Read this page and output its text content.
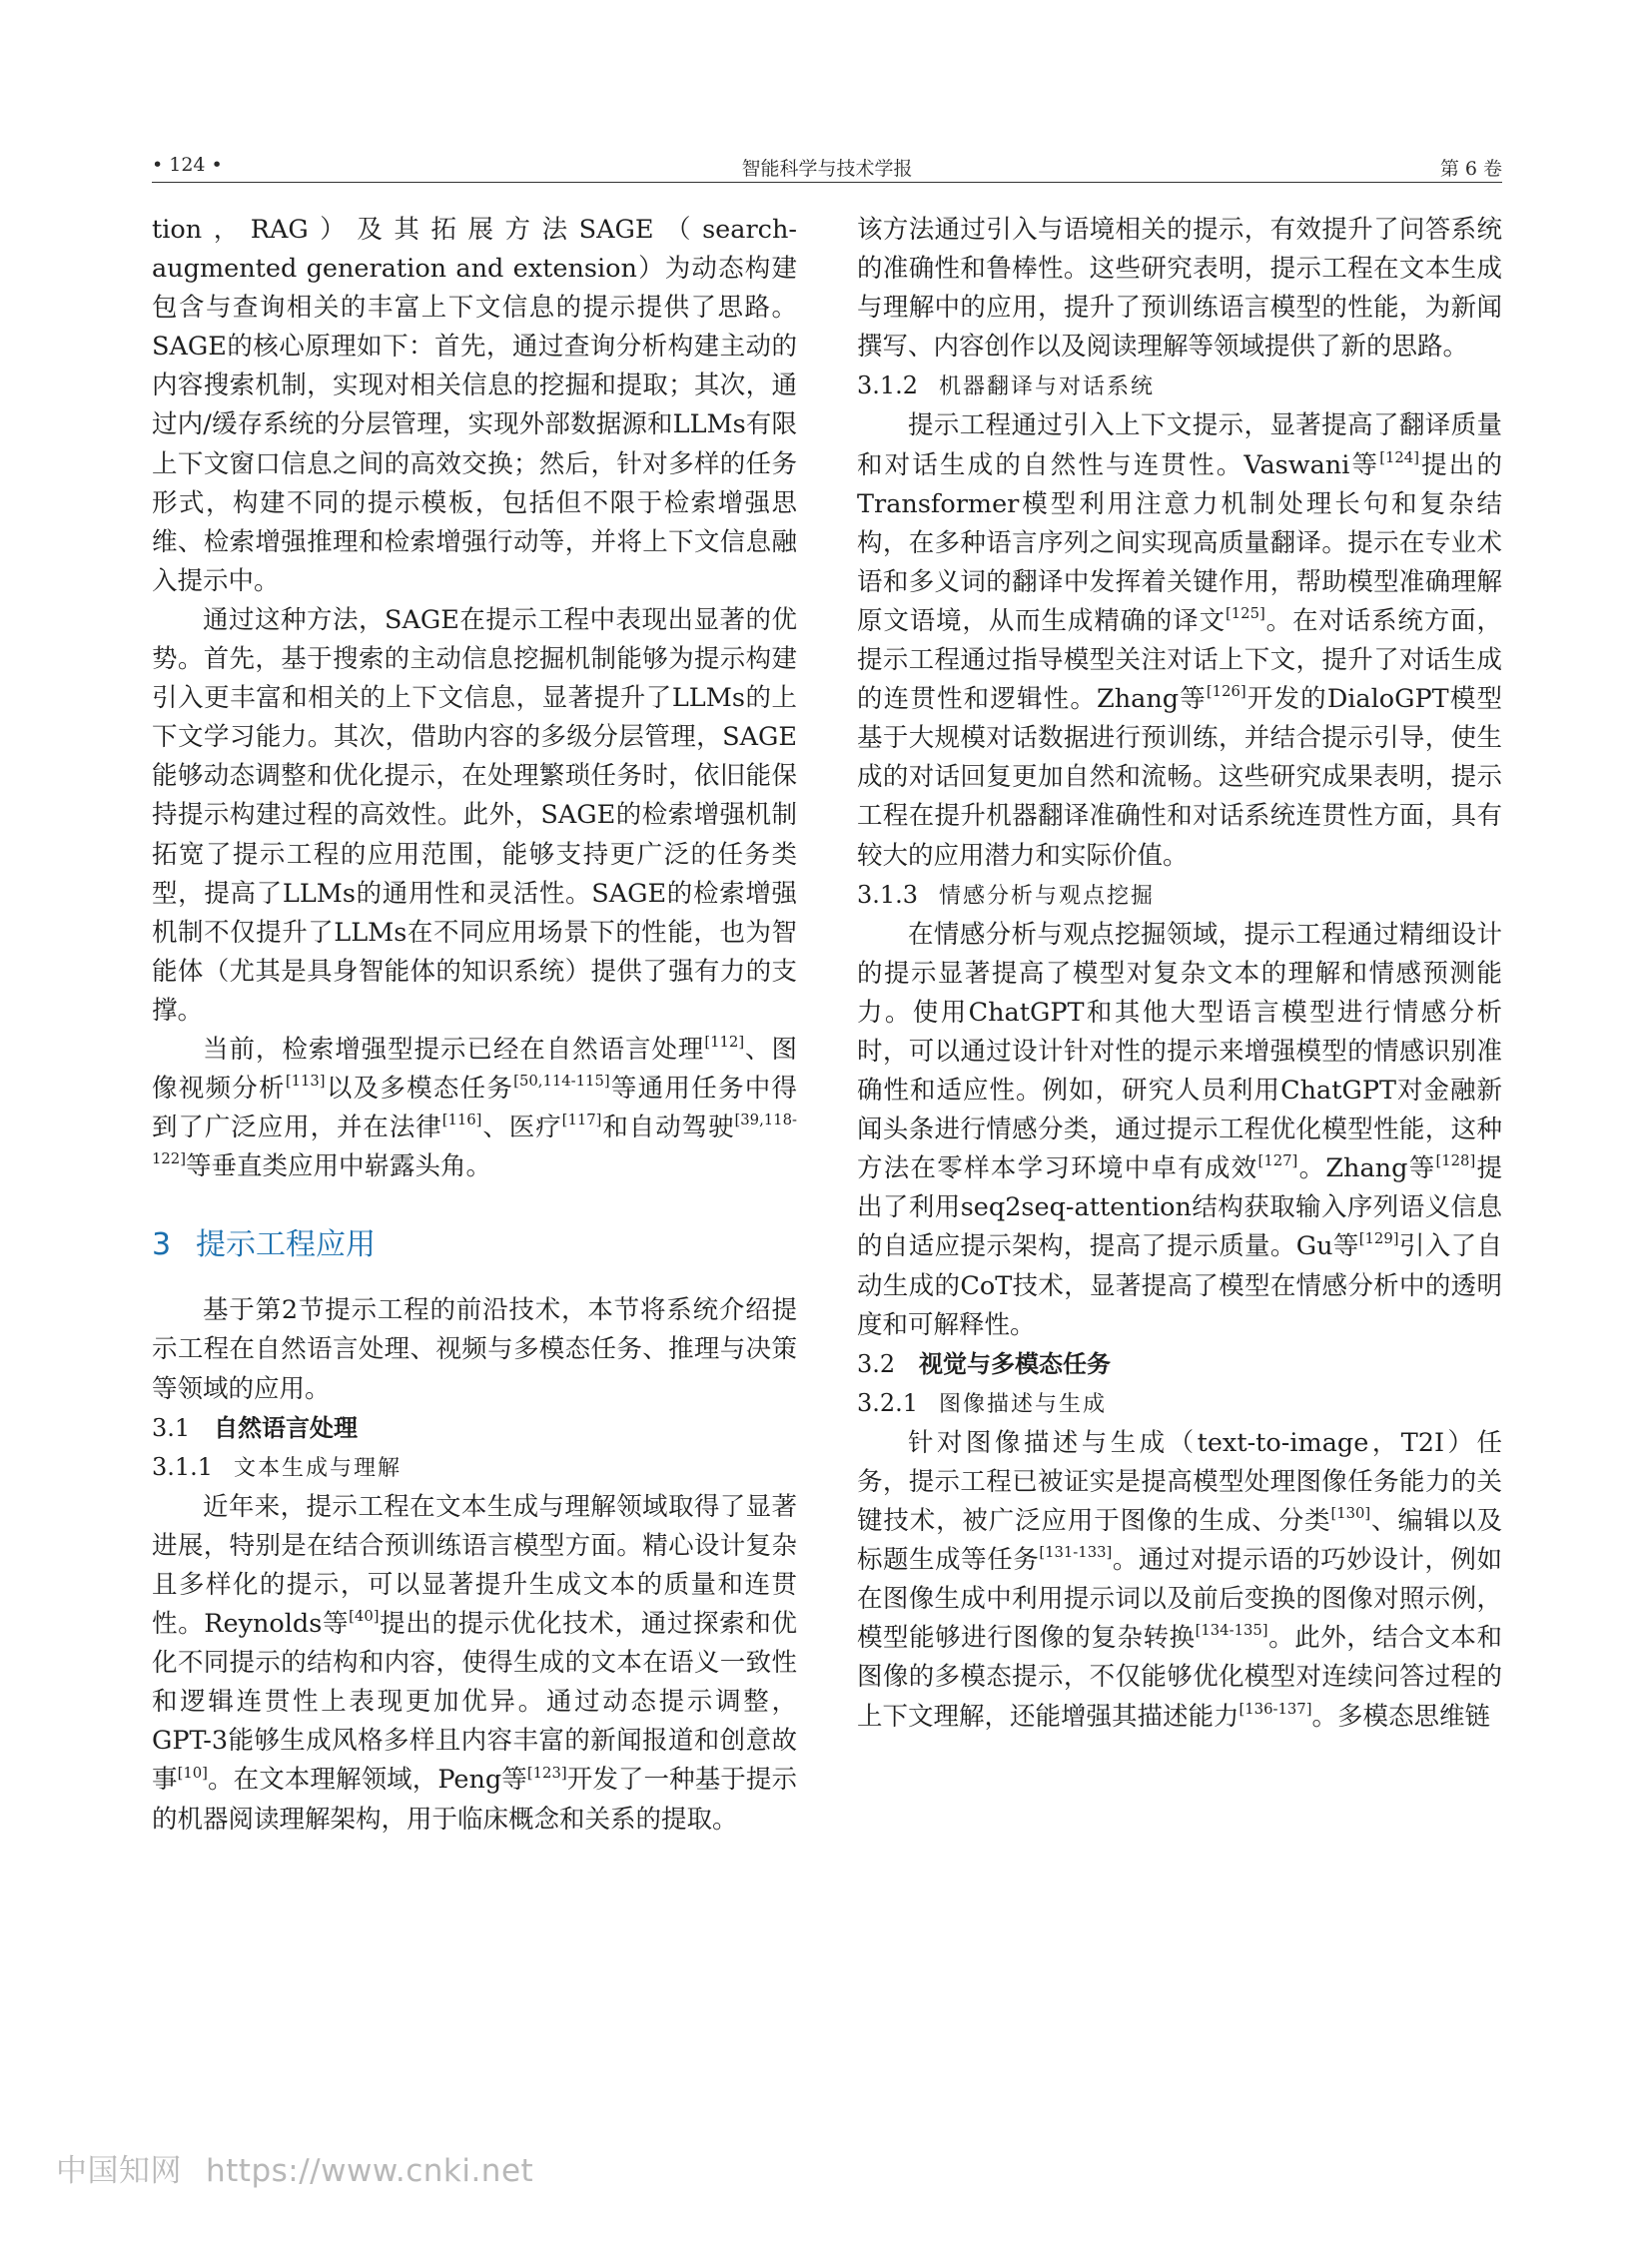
• 124 •	智能科学与技术学报	第 6 卷

tion，RAG）及其拓展方法SAGE（search-augmented generation and extension）为动态构建包含与查询相关的丰富上下文信息的提示提供了思路。SAGE的核心原理如下：首先，通过查询分析构建主动的内容搜索机制，实现对相关信息的挖掘和提取；其次，通过内/缓存系统的分层管理，实现外部数据源和LLMs有限上下文窗口信息之间的高效交换；然后，针对多样的任务形式，构建不同的提示模板，包括但不限于检索增强思维、检索增强推理和检索增强行动等，并将上下文信息融入提示中。

通过这种方法，SAGE在提示工程中表现出显著的优势。首先，基于搜索的主动信息挖掘机制能够为提示构建引入更丰富和相关的上下文信息，显著提升了LLMs的上下文学习能力。其次，借助内容的多级分层管理，SAGE能够动态调整和优化提示，在处理繁琐任务时，依旧能保持提示构建过程的高效性。此外，SAGE的检索增强机制拓宽了提示工程的应用范围，能够支持更广泛的任务类型，提高了LLMs的通用性和灵活性。SAGE的检索增强机制不仅提升了LLMs在不同应用场景下的性能，也为智能体（尤其是具身智能体的知识系统）提供了强有力的支撑。

当前，检索增强型提示已经在自然语言处理[112]、图像视频分析[113]以及多模态任务[50,114-115]等通用任务中得到了广泛应用，并在法律[116]、医疗[117]和自动驾驶[39,118-122]等垂直类应用中崭露头角。

3 提示工程应用

基于第2节提示工程的前沿技术，本节将系统介绍提示工程在自然语言处理、视频与多模态任务、推理与决策等领域的应用。

3.1 自然语言处理
3.1.1 文本生成与理解

近年来，提示工程在文本生成与理解领域取得了显著进展，特别是在结合预训练语言模型方面。精心设计复杂且多样化的提示，可以显著提升生成文本的质量和连贯性。Reynolds等[40]提出的提示优化技术，通过探索和优化不同提示的结构和内容，使得生成的文本在语义一致性和逻辑连贯性上表现更加优异。通过动态提示调整，GPT-3能够生成风格多样且内容丰富的新闻报道和创意故事[10]。在文本理解领域，Peng等[123]开发了一种基于提示的机器阅读理解架构，用于临床概念和关系的提取。

该方法通过引入与语境相关的提示，有效提升了问答系统的准确性和鲁棒性。这些研究表明，提示工程在文本生成与理解中的应用，提升了预训练语言模型的性能，为新闻撰写、内容创作以及阅读理解等领域提供了新的思路。

3.1.2 机器翻译与对话系统

提示工程通过引入上下文提示，显著提高了翻译质量和对话生成的自然性与连贯性。Vaswani等[124]提出的Transformer模型利用注意力机制处理长句和复杂结构，在多种语言序列之间实现高质量翻译。提示在专业术语和多义词的翻译中发挥着关键作用，帮助模型准确理解原文语境，从而生成精确的译文[125]。在对话系统方面，提示工程通过指导模型关注对话上下文，提升了对话生成的连贯性和逻辑性。Zhang等[126]开发的DialoGPT模型基于大规模对话数据进行预训练，并结合提示引导，使生成的对话回复更加自然和流畅。这些研究成果表明，提示工程在提升机器翻译准确性和对话系统连贯性方面，具有较大的应用潜力和实际价值。

3.1.3 情感分析与观点挖掘

在情感分析与观点挖掘领域，提示工程通过精细设计的提示显著提高了模型对复杂文本的理解和情感预测能力。使用ChatGPT和其他大型语言模型进行情感分析时，可以通过设计针对性的提示来增强模型的情感识别准确性和适应性。例如，研究人员利用ChatGPT对金融新闻头条进行情感分类，通过提示工程优化模型性能，这种方法在零样本学习环境中卓有成效[127]。Zhang等[128]提出了利用seq2seq-attention结构获取输入序列语义信息的自适应提示架构，提高了提示质量。Gu等[129]引入了自动生成的CoT技术，显著提高了模型在情感分析中的透明度和可解释性。

3.2 视觉与多模态任务
3.2.1 图像描述与生成

针对图像描述与生成（text-to-image，T2I）任务，提示工程已被证实是提高模型处理图像任务能力的关键技术，被广泛应用于图像的生成、分类[130]、编辑以及标题生成等任务[131-133]。通过对提示语的巧妙设计，例如在图像生成中利用提示词以及前后变换的图像对照示例，模型能够进行图像的复杂转换[134-135]。此外，结合文本和图像的多模态提示，不仅能够优化模型对连续问答过程的上下文理解，还能增强其描述能力[136-137]。多模态思维链

中国知网 https://www.cnki.net
